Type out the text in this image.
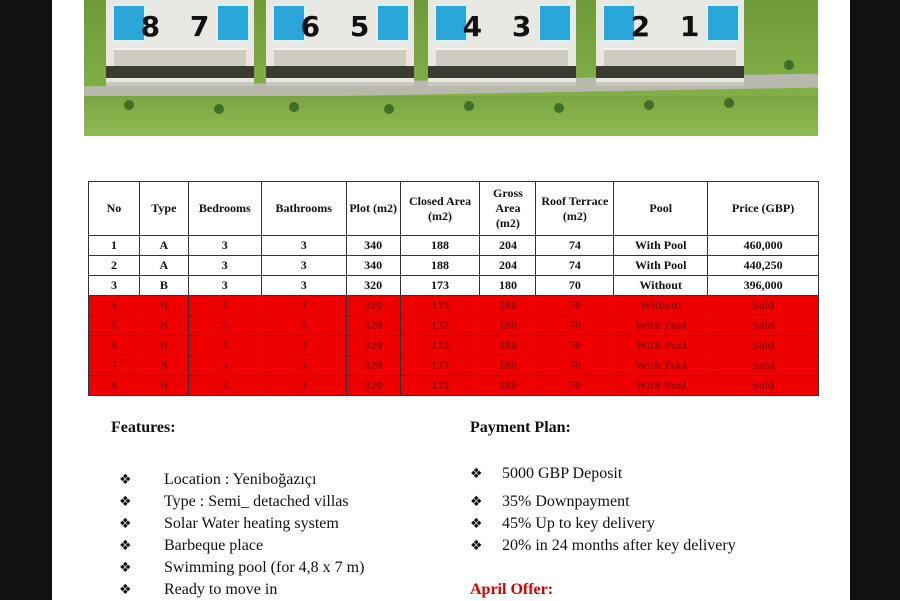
8 7	6 5	4 3	2 1
No	Type	Bedrooms	Bathrooms	Plot (m2)	Closed Area (m2)	Gross Area (m2)	Roof Terrace (m2)	Pool	Price (GBP)
1	A	3	3	340	188	204	74	With Pool	460,000
2	A	3	3	340	188	204	74	With Pool	440,250
3	B	3	3	320	173	180	70	Without	396,000
4	B	3	3	320	173	180	70	Without	Sold
5	B	3	3	320	173	180	70	With Pool	Sold
6	B	3	3	320	173	180	70	With Pool	Sold
7	B	3	3	320	173	180	70	With Pool	Sold
8	B	3	3	320	173	180	70	With Pool	Sold
Features:
❖ Location : Yeniboğazıçı
❖ Type : Semi_ detached villas
❖ Solar Water heating system
❖ Barbeque place
❖ Swimming pool (for 4,8 x 7 m)
❖ Ready to move in
Payment Plan:
❖ 5000 GBP Deposit
❖ 35% Downpayment
❖ 45% Up to key delivery
❖ 20% in 24 months after key delivery
April Offer:
